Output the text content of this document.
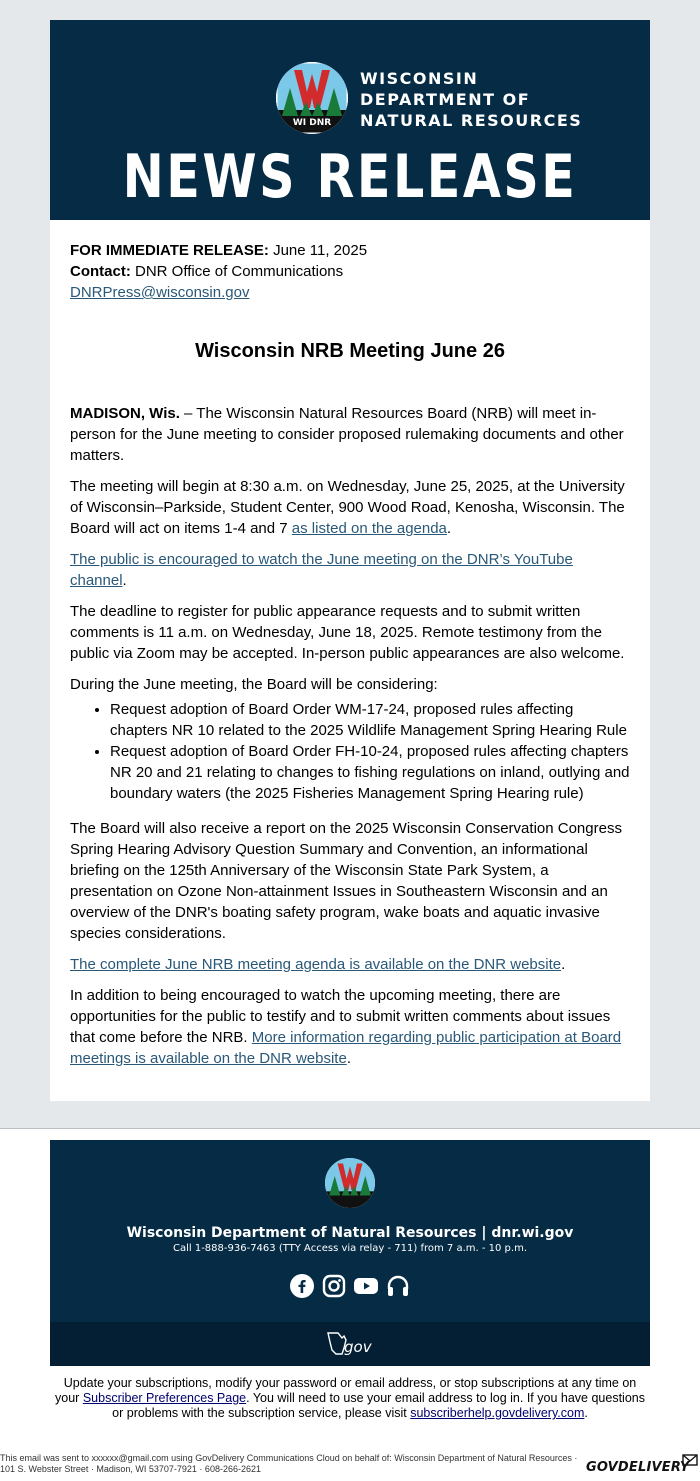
WI DNR
WISCONSIN
DEPARTMENT OF
NATURAL RESOURCES
NEWS RELEASE

FOR IMMEDIATE RELEASE: June 11, 2025

Contact: DNR Office of Communications

DNRPress@wisconsin.gov

Wisconsin NRB Meeting June 26

MADISON, Wis. – The Wisconsin Natural Resources Board (NRB) will meet in-person for the June meeting to consider proposed rulemaking documents and other matters.

The meeting will begin at 8:30 a.m. on Wednesday, June 25, 2025, at the University of Wisconsin–Parkside, Student Center, 900 Wood Road, Kenosha, Wisconsin. The Board will act on items 1-4 and 7 as listed on the agenda.

The public is encouraged to watch the June meeting on the DNR’s YouTube channel.

The deadline to register for public appearance requests and to submit written comments is 11 a.m. on Wednesday, June 18, 2025. Remote testimony from the public via Zoom may be accepted. In-person public appearances are also welcome.

During the June meeting, the Board will be considering:

• Request adoption of Board Order WM-17-24, proposed rules affecting chapters NR 10 related to the 2025 Wildlife Management Spring Hearing Rule
• Request adoption of Board Order FH-10-24, proposed rules affecting chapters NR 20 and 21 relating to changes to fishing regulations on inland, outlying and boundary waters (the 2025 Fisheries Management Spring Hearing rule)

The Board will also receive a report on the 2025 Wisconsin Conservation Congress Spring Hearing Advisory Question Summary and Convention, an informational briefing on the 125th Anniversary of the Wisconsin State Park System, a presentation on Ozone Non-attainment Issues in Southeastern Wisconsin and an overview of the DNR's boating safety program, wake boats and aquatic invasive species considerations.

The complete June NRB meeting agenda is available on the DNR website.

In addition to being encouraged to watch the upcoming meeting, there are opportunities for the public to testify and to submit written comments about issues that come before the NRB. More information regarding public participation at Board meetings is available on the DNR website.

Wisconsin Department of Natural Resources | dnr.wi.gov
Call 1-888-936-7463 (TTY Access via relay - 711) from 7 a.m. - 10 p.m.
gov
Update your subscriptions, modify your password or email address, or stop subscriptions at any time on your Subscriber Preferences Page. You will need to use your email address to log in. If you have questions or problems with the subscription service, please visit subscriberhelp.govdelivery.com.
This email was sent to xxxxxx@gmail.com using GovDelivery Communications Cloud on behalf of: Wisconsin Department of Natural Resources · 101 S. Webster Street · Madison, WI 53707-7921 · 608-266-2621	GOVDELIVERY
